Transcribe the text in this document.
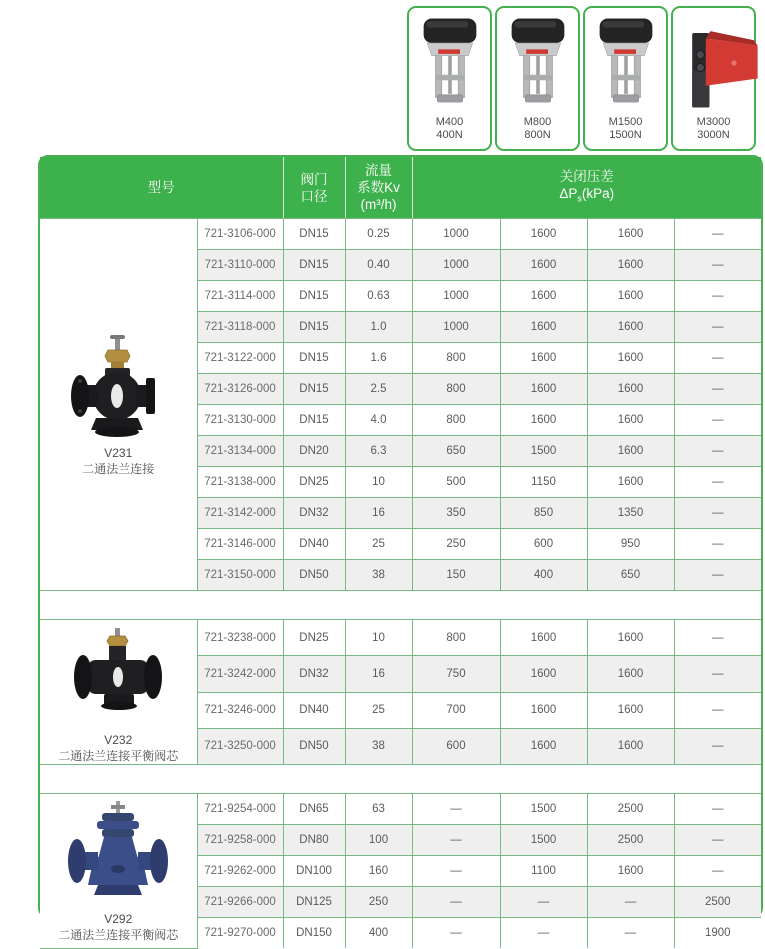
M400
400N
M800
800N
M1500
1500N
M3000
3000N
型号	
阀门
口径

流量
系数Kv
(m³/h)

关闭压差
$\Delta P_s(kPa)$

V231
二通法兰连接	721-3106-000	DN15	0.25	1000	1600	1600	—
	721-3110-000	DN15	0.40	1000	1600	1600	—
	721-3114-000	DN15	0.63	1000	1600	1600	—
	721-3118-000	DN15	1.0	1000	1600	1600	—
	721-3122-000	DN15	1.6	800	1600	1600	—
	721-3126-000	DN15	2.5	800	1600	1600	—
	721-3130-000	DN15	4.0	800	1600	1600	—
	721-3134-000	DN20	6.3	650	1500	1600	—
	721-3138-000	DN25	10	500	1150	1600	—
	721-3142-000	DN32	16	350	850	1350	—
	721-3146-000	DN40	25	250	600	950	—
	721-3150-000	DN50	38	150	400	650	—

V232
二通法兰连接平衡阀芯	721-3238-000	DN25	10	800	1600	1600	—
	721-3242-000	DN32	16	750	1600	1600	—
	721-3246-000	DN40	25	700	1600	1600	—
	721-3250-000	DN50	38	600	1600	1600	—

V292
二通法兰连接平衡阀芯	721-9254-000	DN65	63	—	1500	2500	—
	721-9258-000	DN80	100	—	1500	2500	—
	721-9262-000	DN100	160	—	1100	1600	—
	721-9266-000	DN125	250	—	—	—	2500
	721-9270-000	DN150	400	—	—	—	1900
